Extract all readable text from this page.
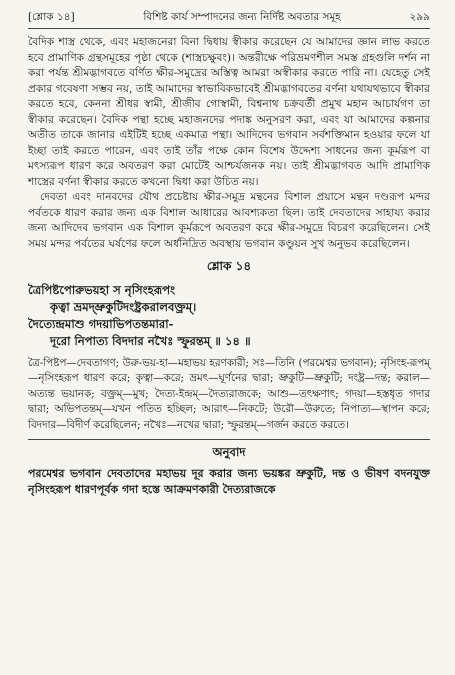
[শ্লোক ১৪]	বিশিষ্ট কার্য সম্পাদনের জন্য নির্দিষ্ট অবতার সমূহ	২৯৯

বৈদিক শাস্ত্র থেকে, এবং মহাজনেরা বিনা দ্বিধায় স্বীকার করেছেন যে আমাদের জ্ঞান লাভ করতে হবে প্রামাণিক গ্রন্থসমূহের পৃষ্ঠা থেকে (শাস্ত্রচক্ষুবং)। অন্তরীক্ষে পরিভ্রমণশীল সমস্ত গ্রহগুলি দর্শন না করা পর্যন্ত শ্রীমদ্ভাগবতে বর্ণিত ক্ষীর-সমুদ্রের অস্তিত্ব আমরা অস্বীকার করতে পারি না। যেহেতু সেই প্রকার গবেষণা সম্ভব নয়, তাই আমাদের স্বাভাবিকভাবেই শ্রীমদ্ভাগবতের বর্ণনা যথাযথভাবে স্বীকার করতে হবে, কেননা শ্রীধর স্বামী, শ্রীজীব গোস্বামী, বিশ্বনাথ চক্রবর্তী প্রমুখ মহান আচার্যগণ তা স্বীকার করেছেন। বৈদিক পন্থা হচ্ছে মহাজনদের পদাঙ্ক অনুসরণ করা, এবং যা আমাদের কল্পনার অতীত তাকে জানার এইটিই হচ্ছে একমাত্র পন্থা। আদিদেব ভগবান সর্বশক্তিমান হওয়ার ফলে যা ইচ্ছা তাই করতে পারেন, এবং তাই তাঁর পক্ষে কোন বিশেষ উদ্দেশ্য সাধনের জন্য কূর্মরূপ বা মৎস্যরূপ ধারণ করে অবতরণ করা মোটেই আশ্চর্যজনক নয়। তাই শ্রীমদ্ভাগবত আদি প্রামাণিক শাস্ত্রের বর্ণনা স্বীকার করতে কখনো দ্বিধা করা উচিত নয়।

দেবতা এবং দানবদের যৌথ প্রচেষ্টায় ক্ষীর-সমুদ্র মন্থনের বিশাল প্রয়াসে মন্থন দণ্ডরূপ মন্দর পর্বতকে ধারণ করার জন্য এক বিশাল আধারের আবশ্যকতা ছিল। তাই দেবতাদের সাহায্য করার জন্য আদিদেব ভগবান এক বিশাল কূর্মরূপে অবতরণ করে ক্ষীর-সমুদ্রে বিচরণ করেছিলেন। সেই সময় মন্দর পর্বতের ঘর্ষণের ফলে অর্ধনিদ্রিত অবস্থায় ভগবান কণ্ডুয়ন সুখ অনুভব করেছিলেন।

শ্লোক ১৪
ত্রৈপিষ্টপোরুভয়হা স নৃসিংহরূপং
কৃত্বা ভ্রমদ্ভ্রুকুটিদংষ্ট্রকরালবক্ত্রম্।
দৈত্যেন্দ্রমাশু গদয়াভিপতন্তমারা-
দূরো নিপাত্য বিদদার নখৈঃ স্ফুরন্তম্ ॥ ১৪ ॥
ত্রৈ-পিষ্টপ—দেবতাগণ; উরু-ভয়-হা—মহাভয় হরণকারী; সঃ—তিনি (পরমেশ্বর ভগবান); নৃসিংহ-রূপম্—নৃসিংহরূপ ধারণ করে; কৃত্বা—করে; ভ্রমৎ—ঘূর্ণনের দ্বারা; ভ্রুকুটি—ভ্রুকুটি; দংষ্ট্র—দন্ত; করাল—অত্যন্ত ভয়ানক; বক্ত্রম্—মুখ; দৈত্য-ইন্দ্রম্—দৈত্যরাজকে; আশু—তৎক্ষণাৎ; গদয়া—হস্তধৃত গদার দ্বারা; অভিপতন্তম্—যখন পতিত হচ্ছিল; আরাৎ—নিকটে; উরৌ—উরুতে; নিপাত্য—স্থাপন করে; বিদদার—বিদীর্ণ করেছিলেন; নখৈঃ—নখের দ্বারা; স্ফুরন্তম্—গর্জন করতে করতে।
অনুবাদ
পরমেশ্বর ভগবান দেবতাদের মহাভয় দূর করার জন্য ভয়ঙ্কর ভ্রুকুটি, দন্ত ও ভীষণ বদনযুক্ত নৃসিংহরূপ ধারণপূর্বক গদা হস্তে আক্রমণকারী দৈত্যরাজকে
